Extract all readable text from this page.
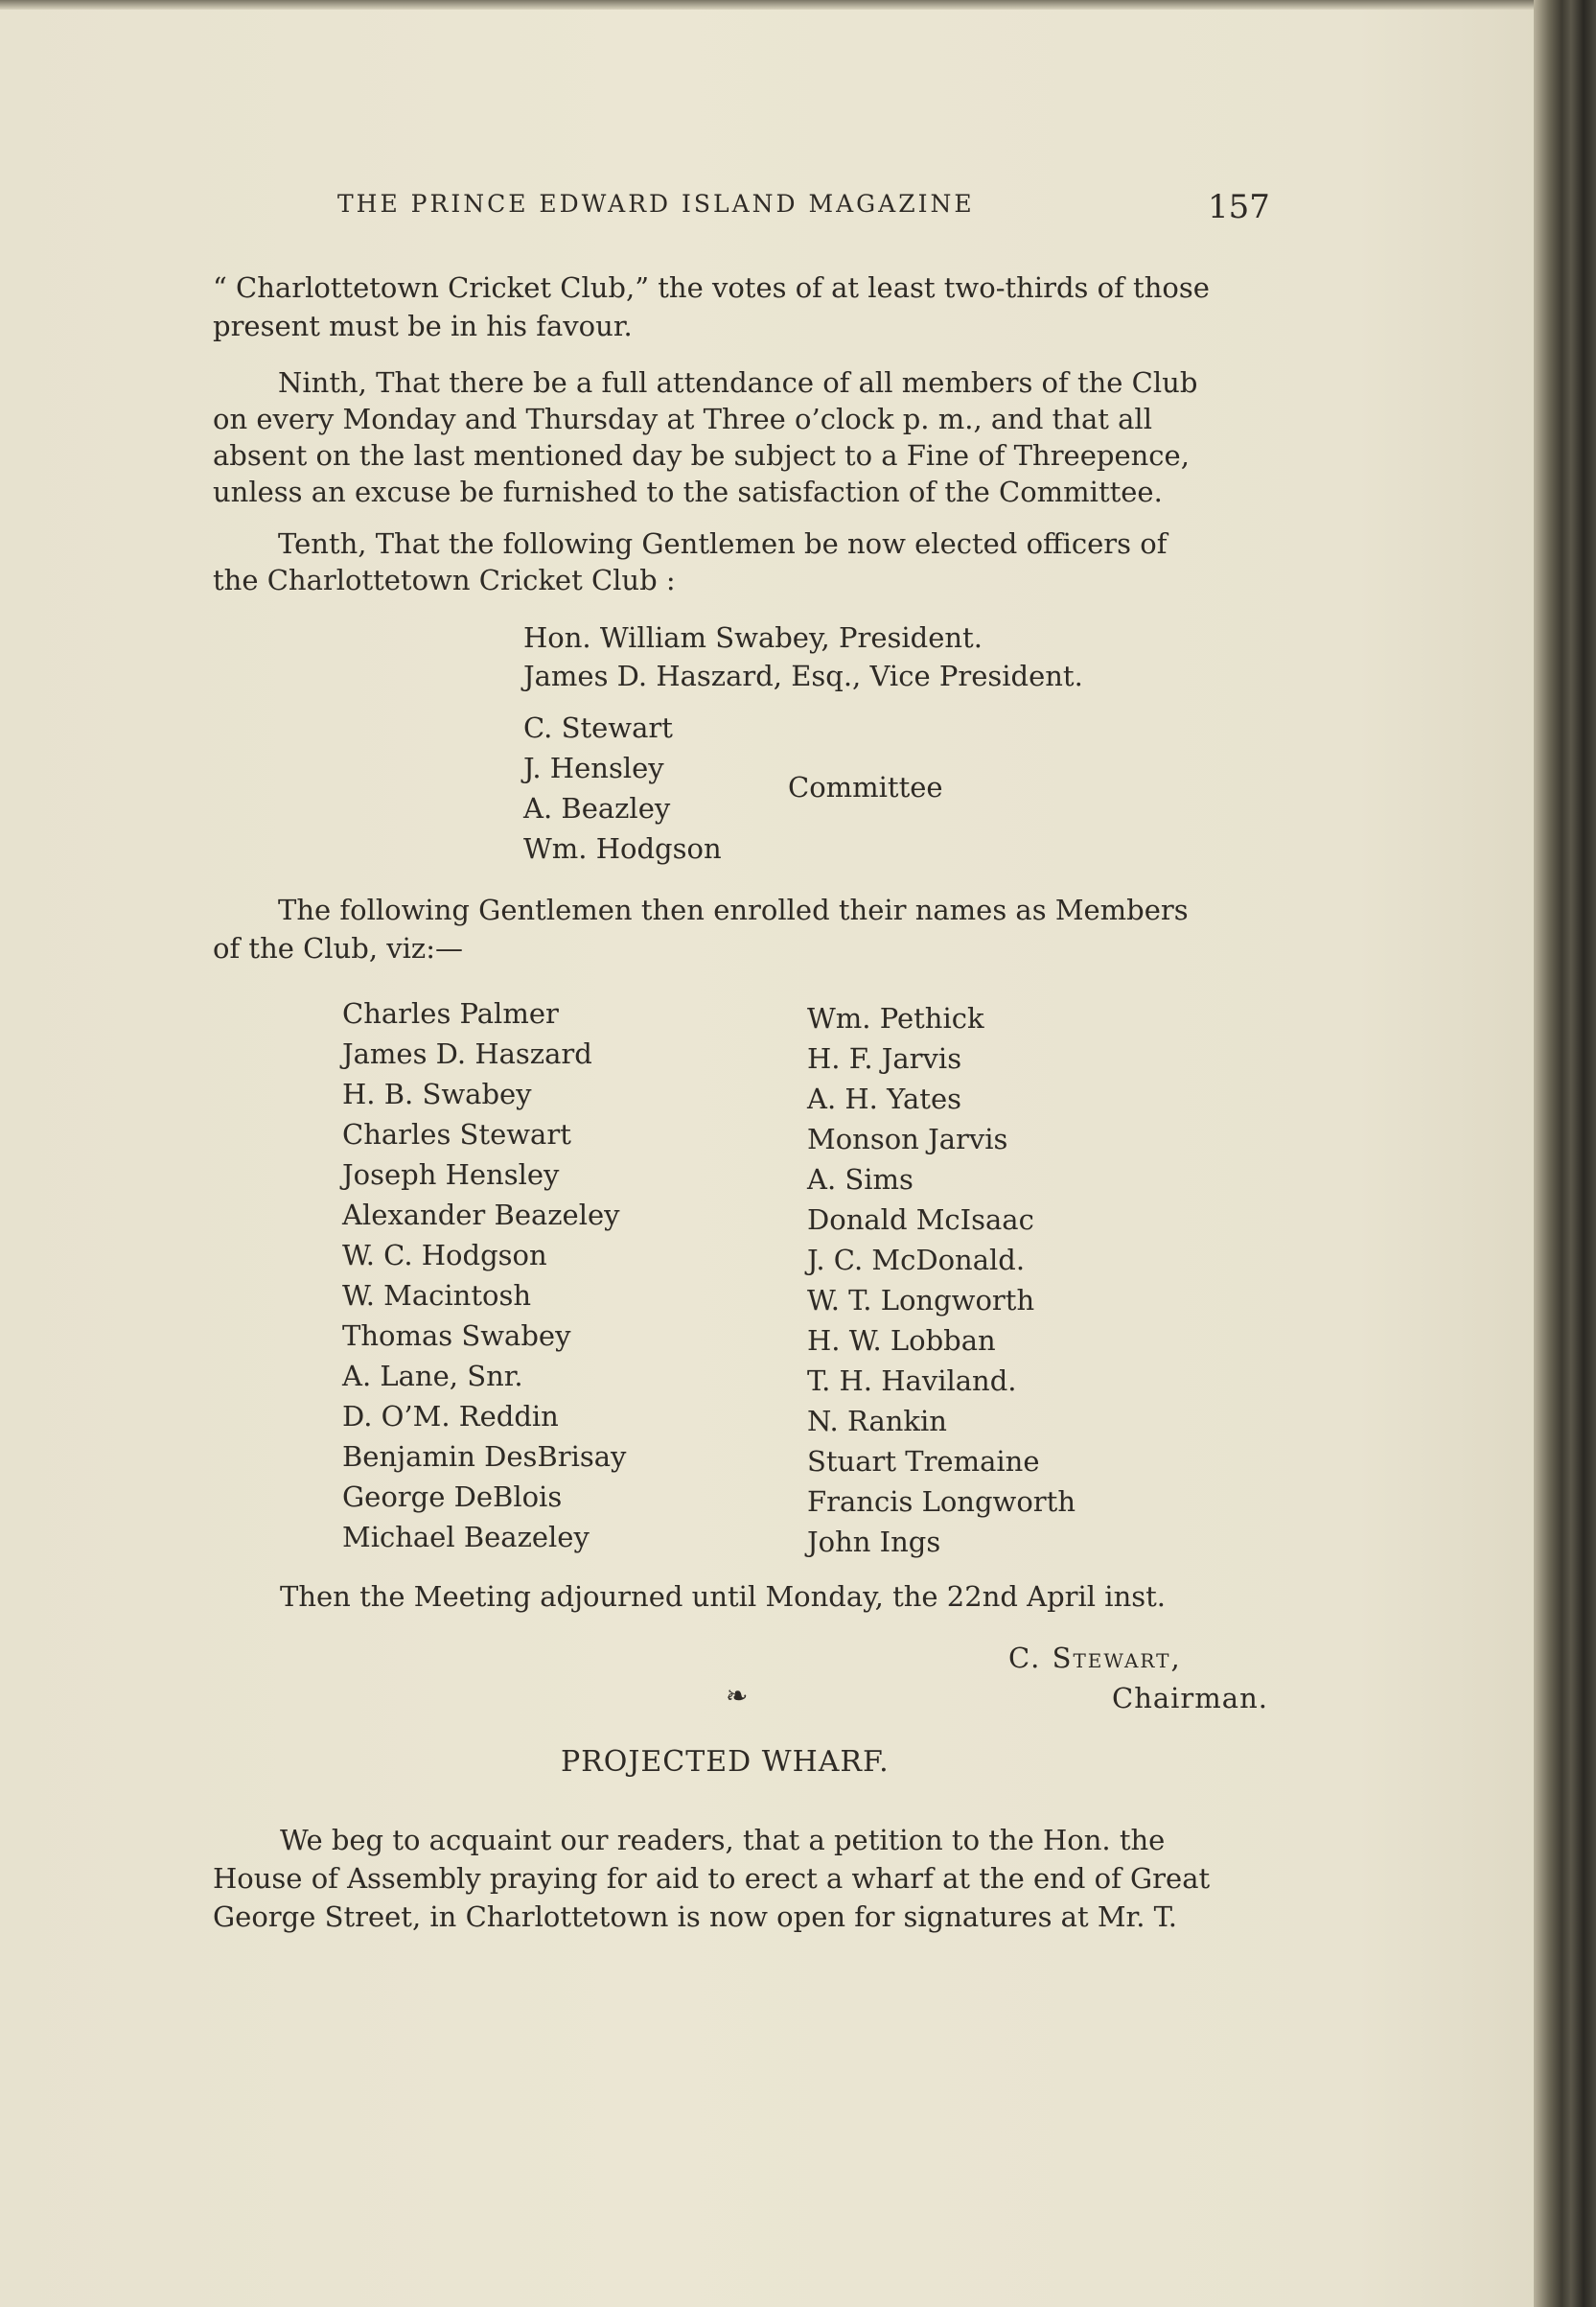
THE PRINCE EDWARD ISLAND MAGAZINE	157
“ Charlottetown Cricket Club,” the votes of at least two-thirds of those
present must be in his favour.
Ninth, That there be a full attendance of all members of the Club
on every Monday and Thursday at Three o’clock p. m., and that all
absent on the last mentioned day be subject to a Fine of Threepence,
unless an excuse be furnished to the satisfaction of the Committee.
Tenth, That the following Gentlemen be now elected officers of
the Charlottetown Cricket Club :
Hon. William Swabey, President.
James D. Haszard, Esq., Vice President.
C. Stewart
J. Hensley
A. Beazley
Wm. Hodgson
Committee
The following Gentlemen then enrolled their names as Members
of the Club, viz:—
Charles Palmer
James D. Haszard
H. B. Swabey
Charles Stewart
Joseph Hensley
Alexander Beazeley
W. C. Hodgson
W. Macintosh
Thomas Swabey
A. Lane, Snr.
D. O’M. Reddin
Benjamin DesBrisay
George DeBlois
Michael Beazeley
Wm. Pethick
H. F. Jarvis
A. H. Yates
Monson Jarvis
A. Sims
Donald McIsaac
J. C. McDonald.
W. T. Longworth
H. W. Lobban
T. H. Haviland.
N. Rankin
Stuart Tremaine
Francis Longworth
John Ings
Then the Meeting adjourned until Monday, the 22nd April inst.
C. Stewart,
Chairman.
❧
PROJECTED WHARF.
We beg to acquaint our readers, that a petition to the Hon. the
House of Assembly praying for aid to erect a wharf at the end of Great
George Street, in Charlottetown is now open for signatures at Mr. T.
